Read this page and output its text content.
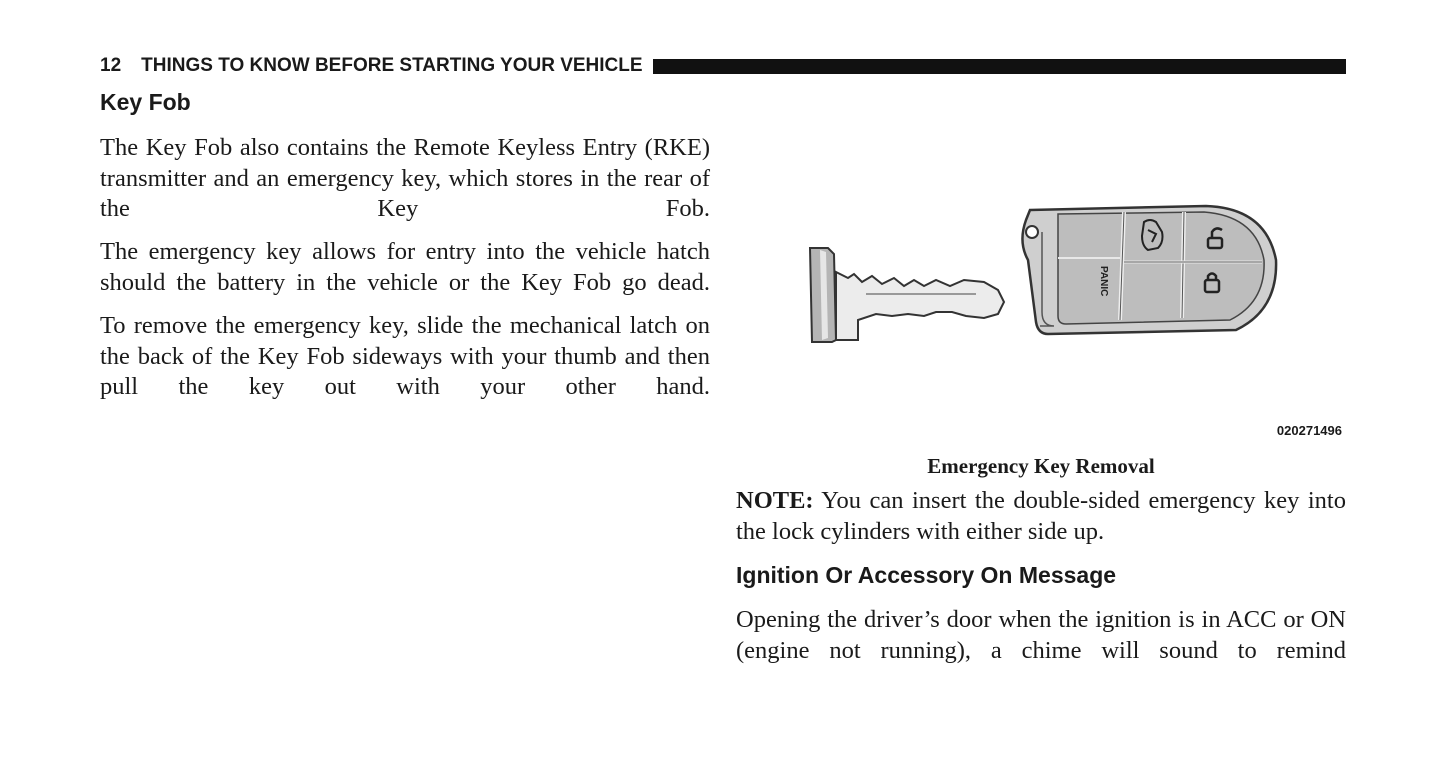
12 THINGS TO KNOW BEFORE STARTING YOUR VEHICLE
Key Fob

The Key Fob also contains the Remote Keyless Entry (RKE) transmitter and an emergency key, which stores in the rear of the Key Fob.

The emergency key allows for entry into the vehicle hatch should the battery in the vehicle or the Key Fob go dead.

To remove the emergency key, slide the mechanical latch on the back of the Key Fob sideways with your thumb and then pull the key out with your other hand.

PANIC
020271496

Emergency Key Removal

NOTE: You can insert the double-sided emergency key into the lock cylinders with either side up.

Ignition Or Accessory On Message

Opening the driver’s door when the ignition is in ACC or ON (engine not running), a chime will sound to remind
